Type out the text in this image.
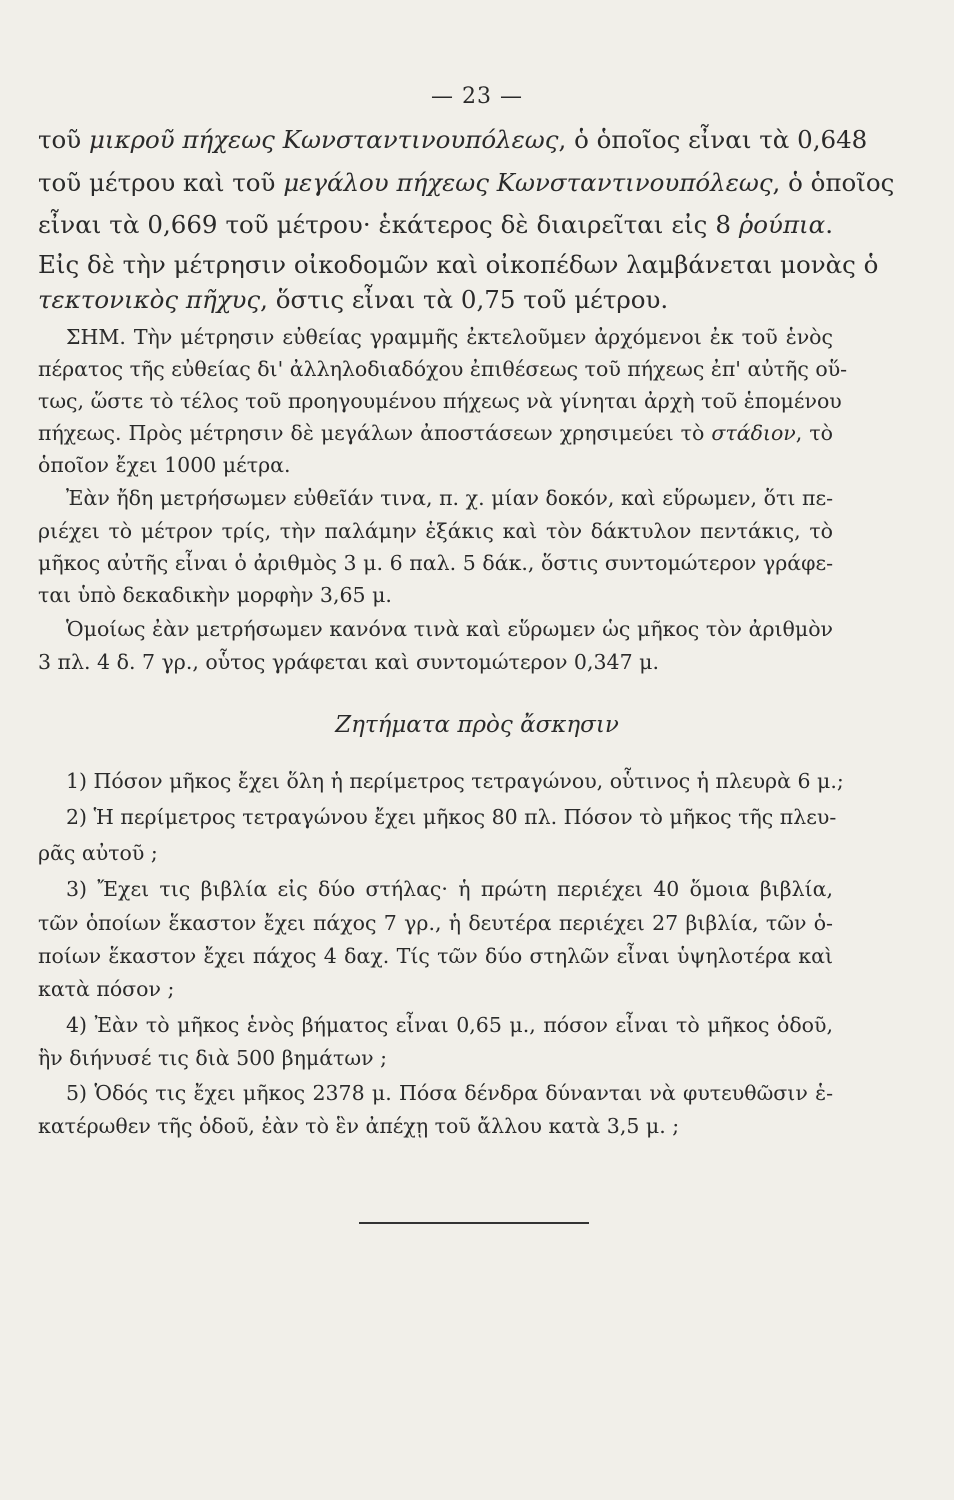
— 23 —
τοῦ μικροῦ πήχεως Κωνσταντινουπόλεως, ὁ ὁποῖος εἶναι τὰ 0,648
τοῦ μέτρου καὶ τοῦ μεγάλου πήχεως Κωνσταντινουπόλεως, ὁ ὁποῖος
εἶναι τὰ 0,669 τοῦ μέτρου· ἑκάτερος δὲ διαιρεῖται εἰς 8 ῥούπια.
Εἰς δὲ τὴν μέτρησιν οἰκοδομῶν καὶ οἰκοπέδων λαμβάνεται μονὰς ὁ
τεκτονικὸς πῆχυς, ὅστις εἶναι τὰ 0,75 τοῦ μέτρου.
ΣΗΜ. Τὴν μέτρησιν εὐθείας γραμμῆς ἐκτελοῦμεν ἀρχόμενοι ἐκ τοῦ ἑνὸς
πέρατος τῆς εὐθείας δι' ἀλληλοδιαδόχου ἐπιθέσεως τοῦ πήχεως ἐπ' αὐτῆς οὕ-
τως, ὥστε τὸ τέλος τοῦ προηγουμένου πήχεως νὰ γίνηται ἀρχὴ τοῦ ἑπομένου
πήχεως. Πρὸς μέτρησιν δὲ μεγάλων ἀποστάσεων χρησιμεύει τὸ στάδιον, τὸ
ὁποῖον ἔχει 1000 μέτρα.
Ἐὰν ἤδη μετρήσωμεν εὐθεῖάν τινα, π. χ. μίαν δοκόν, καὶ εὕρωμεν, ὅτι πε-
ριέχει τὸ μέτρον τρίς, τὴν παλάμην ἑξάκις καὶ τὸν δάκτυλον πεντάκις, τὸ
μῆκος αὐτῆς εἶναι ὁ ἀριθμὸς 3 μ. 6 παλ. 5 δάκ., ὅστις συντομώτερον γράφε-
ται ὑπὸ δεκαδικὴν μορφὴν 3,65 μ.
Ὁμοίως ἐὰν μετρήσωμεν κανόνα τινὰ καὶ εὕρωμεν ὡς μῆκος τὸν ἀριθμὸν
3 πλ. 4 δ. 7 γρ., οὗτος γράφεται καὶ συντομώτερον 0,347 μ.
Ζητήματα πρὸς ἄσκησιν
1) Πόσον μῆκος ἔχει ὅλη ἡ περίμετρος τετραγώνου, οὗτινος ἡ πλευρὰ 6 μ.;
2) Ἡ περίμετρος τετραγώνου ἔχει μῆκος 80 πλ. Πόσον τὸ μῆκος τῆς πλευ-
ρᾶς αὐτοῦ ;
3) Ἔχει τις βιβλία εἰς δύο στήλας· ἡ πρώτη περιέχει 40 ὅμοια βιβλία,
τῶν ὁποίων ἕκαστον ἔχει πάχος 7 γρ., ἡ δευτέρα περιέχει 27 βιβλία, τῶν ὁ-
ποίων ἕκαστον ἔχει πάχος 4 δαχ. Τίς τῶν δύο στηλῶν εἶναι ὑψηλοτέρα καὶ
κατὰ πόσον ;
4) Ἐὰν τὸ μῆκος ἑνὸς βήματος εἶναι 0,65 μ., πόσον εἶναι τὸ μῆκος ὁδοῦ,
ἣν διήνυσέ τις διὰ 500 βημάτων ;
5) Ὁδός τις ἔχει μῆκος 2378 μ. Πόσα δένδρα δύνανται νὰ φυτευθῶσιν ἑ-
κατέρωθεν τῆς ὁδοῦ, ἐὰν τὸ ἓν ἀπέχῃ τοῦ ἄλλου κατὰ 3,5 μ. ;
